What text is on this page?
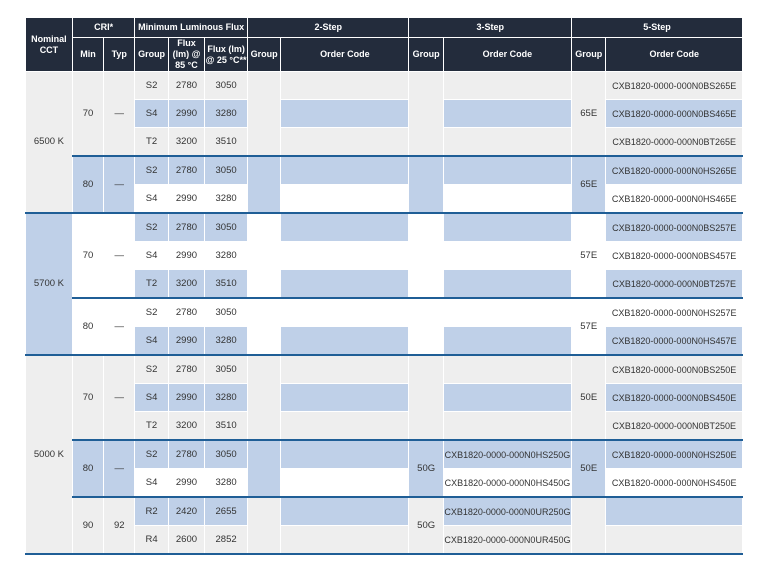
Nominal CCT	CRI*		Minimum Luminous Flux			2-Step		3-Step		5-Step	
	Min	Typ	Group	Flux (lm) @ 85 °C	Flux (lm) @ 25 °C**	Group	Order Code	Group	Order Code	Group	Order Code
6500 K	70	—	S2	2780	3050					65E	CXB1820-0000-000N0BS265E
			S4	2990	3280						CXB1820-0000-000N0BS465E
			T2	3200	3510						CXB1820-0000-000N0BT265E
	80	—	S2	2780	3050					65E	CXB1820-0000-000N0HS265E
			S4	2990	3280						CXB1820-0000-000N0HS465E
5700 K	70	—	S2	2780	3050					57E	CXB1820-0000-000N0BS257E
			S4	2990	3280						CXB1820-0000-000N0BS457E
			T2	3200	3510						CXB1820-0000-000N0BT257E
	80	—	S2	2780	3050					57E	CXB1820-0000-000N0HS257E
			S4	2990	3280						CXB1820-0000-000N0HS457E
5000 K	70	—	S2	2780	3050					50E	CXB1820-0000-000N0BS250E
			S4	2990	3280						CXB1820-0000-000N0BS450E
			T2	3200	3510						CXB1820-0000-000N0BT250E
	80	—	S2	2780	3050			50G	CXB1820-0000-000N0HS250G	50E	CXB1820-0000-000N0HS250E
			S4	2990	3280				CXB1820-0000-000N0HS450G		CXB1820-0000-000N0HS450E
	90	92	R2	2420	2655			50G	CXB1820-0000-000N0UR250G		
			R4	2600	2852				CXB1820-0000-000N0UR450G		
